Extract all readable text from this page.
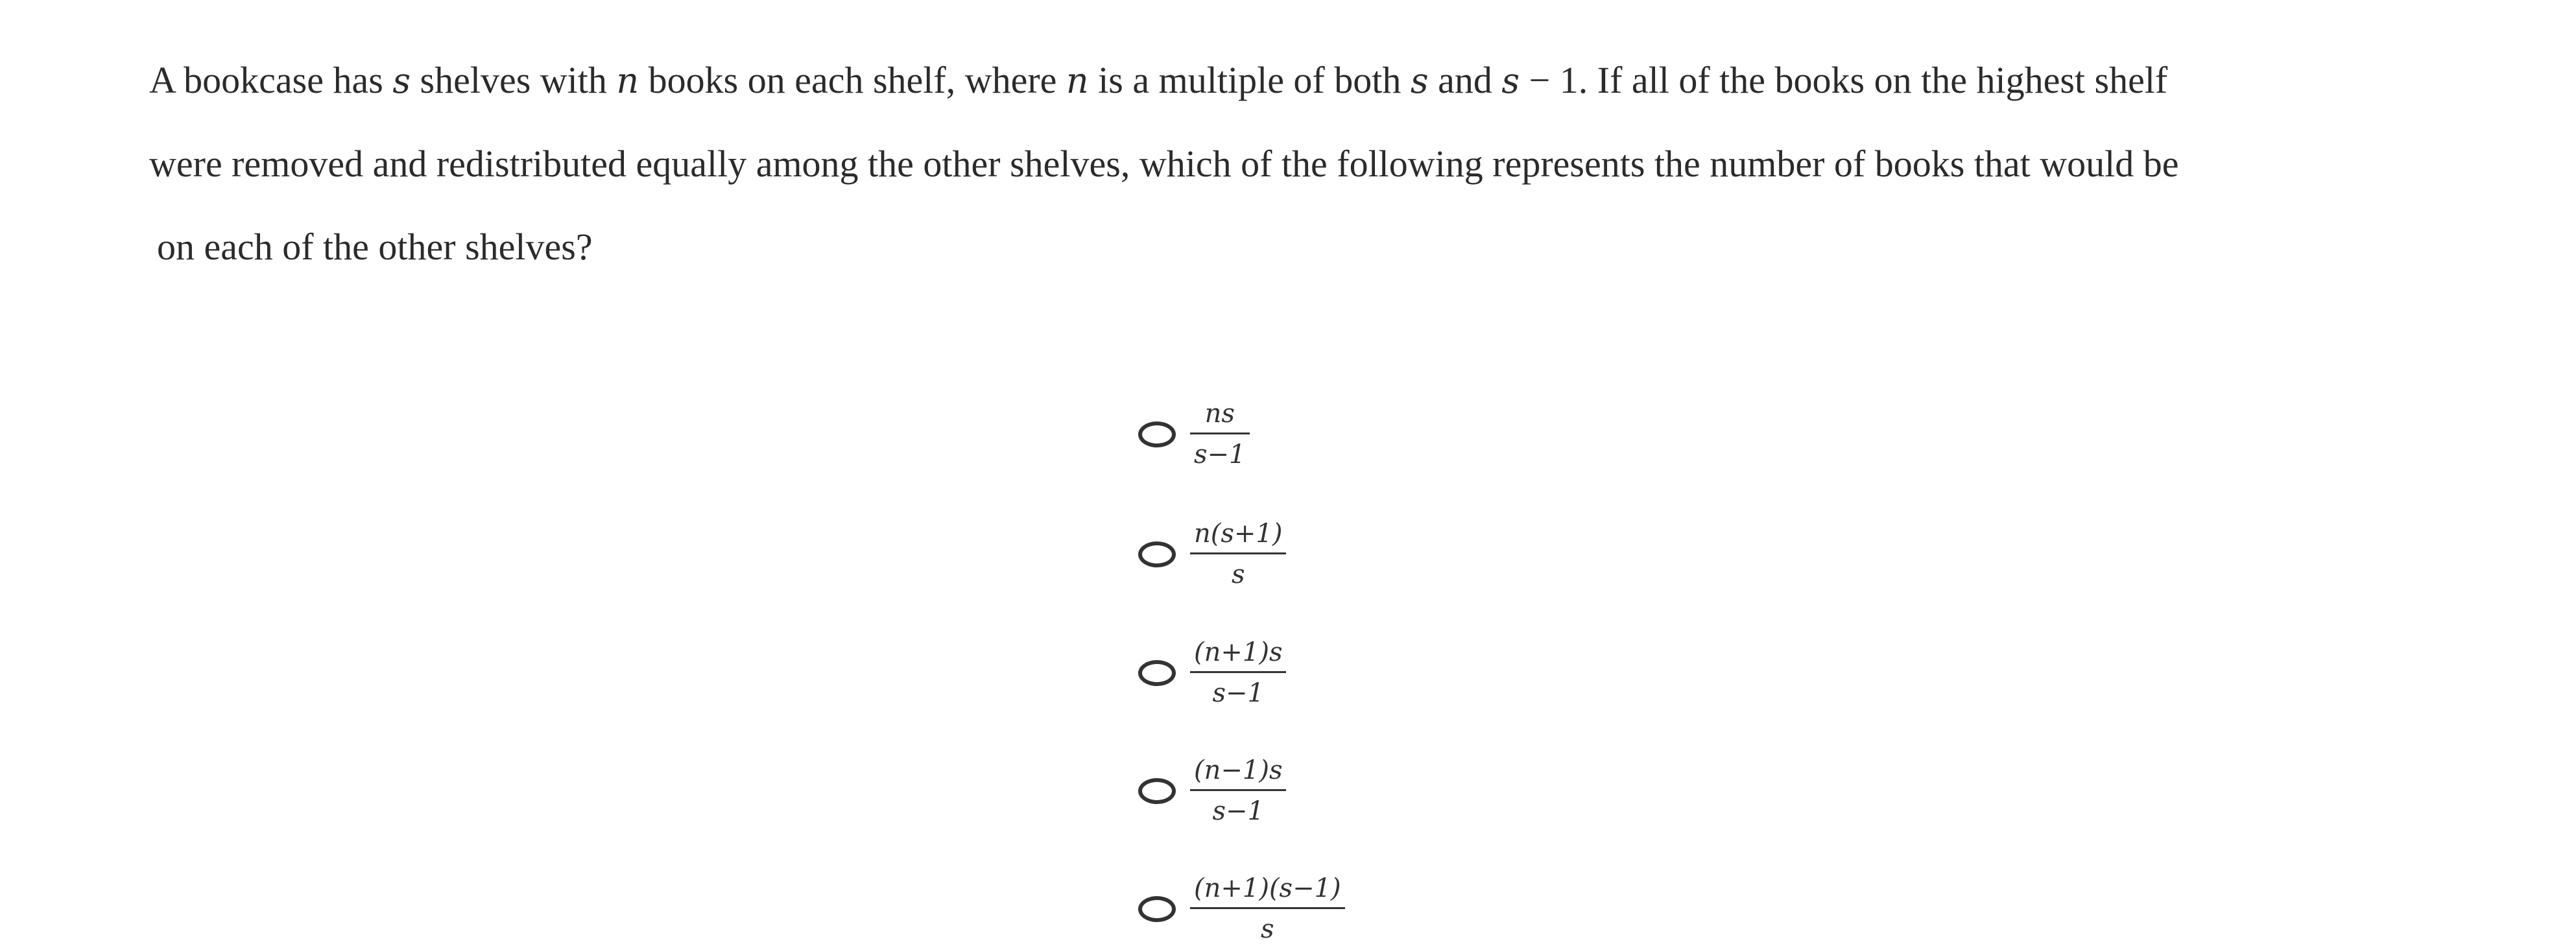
A bookcase has s shelves with n books on each shelf, where n is a multiple of both s and s − 1. If all of the books on the highest shelf
were removed and redistributed equally among the other shelves, which of the following represents the number of books that would be
on each of the other shelves?
$\frac{ns}{s-1}$
$\frac{n(s+1)}{s}$
$\frac{(n+1)s}{s-1}$
$\frac{(n-1)s}{s-1}$
$\frac{(n+1)(s-1)}{s}$
